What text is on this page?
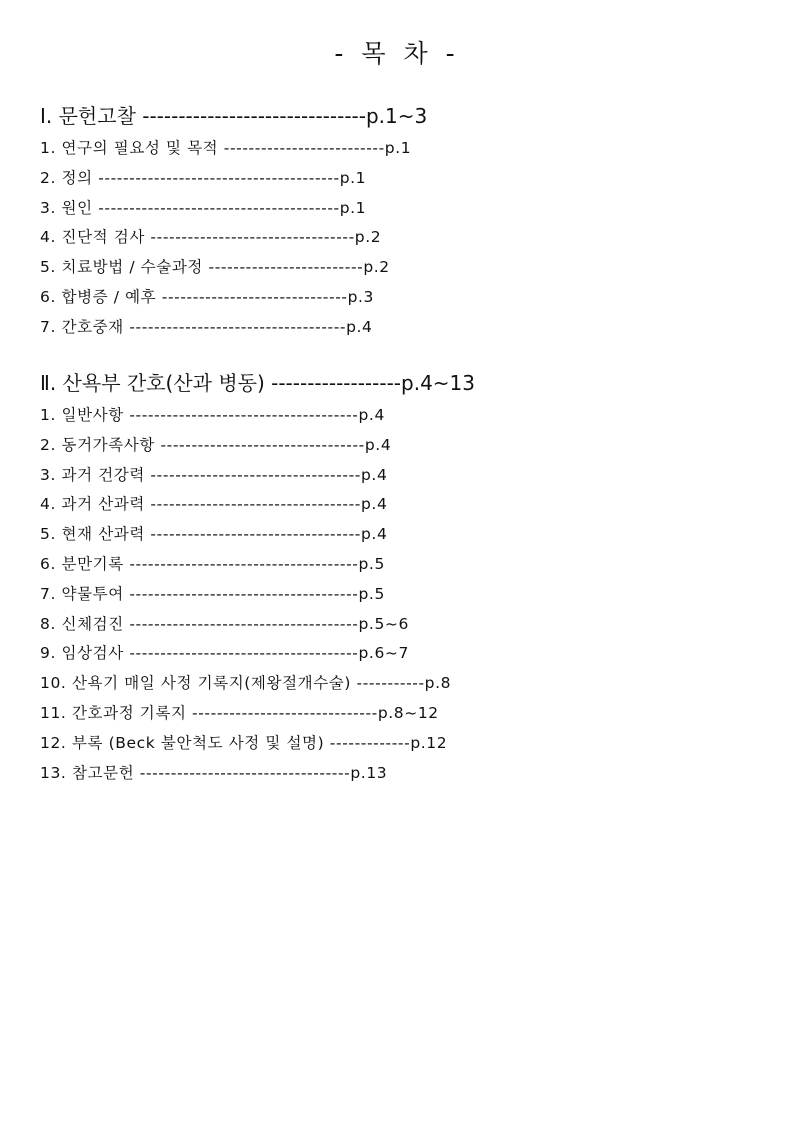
- 목 차 -
Ⅰ. 문헌고찰 -------------------------------p.1~3
1. 연구의 필요성 및 목적 --------------------------p.1
2. 정의 ---------------------------------------p.1
3. 원인 ---------------------------------------p.1
4. 진단적 검사 ---------------------------------p.2
5. 치료방법 / 수술과정 -------------------------p.2
6. 합병증 / 예후 ------------------------------p.3
7. 간호중재 -----------------------------------p.4
Ⅱ. 산욕부 간호(산과 병동) ------------------p.4~13
1. 일반사항 -------------------------------------p.4
2. 동거가족사항 ---------------------------------p.4
3. 과거 건강력 ----------------------------------p.4
4. 과거 산과력 ----------------------------------p.4
5. 현재 산과력 ----------------------------------p.4
6. 분만기록 -------------------------------------p.5
7. 약물투여 -------------------------------------p.5
8. 신체검진 -------------------------------------p.5~6
9. 임상검사 -------------------------------------p.6~7
10. 산욕기 매일 사정 기록지(제왕절개수술) -----------p.8
11. 간호과정 기록지 ------------------------------p.8~12
12. 부록 (Beck 불안척도 사정 및 설명) -------------p.12
13. 참고문헌 ----------------------------------p.13
